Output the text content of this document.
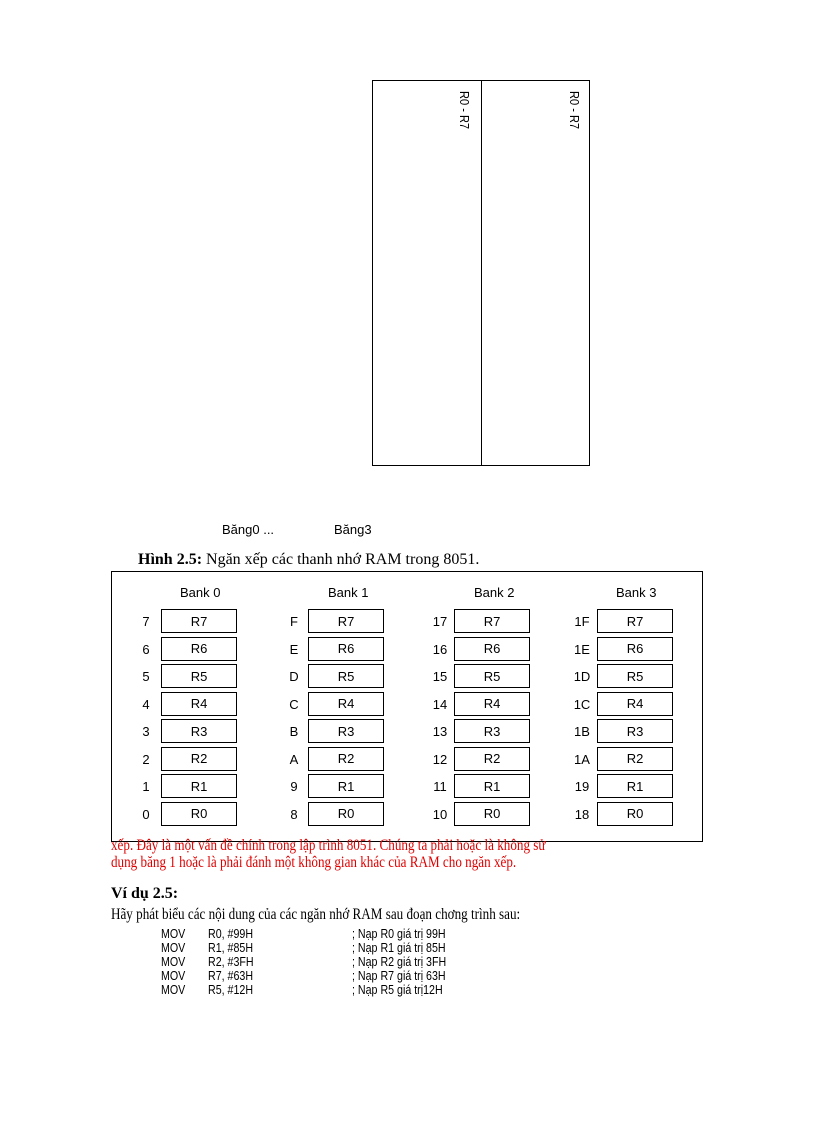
R0 - R7	R0 - R7
Băng0 ...	Băng3
Hình 2.5: Ngăn xếp các thanh nhớ RAM trong 8051.
xếp. Đây là một vấn đề chính trong lập trình 8051. Chúng ta phải hoặc là không sử
dụng băng 1 hoặc là phải đánh một không gian khác của RAM cho ngăn xếp.
Ví dụ 2.5:
Hãy phát biểu các nội dung của các ngăn nhớ RAM sau đoạn chơng trình sau:
Bank 0
7	R7
6	R6
5	R5
4	R4
3	R3
2	R2
1	R1
0	R0
Bank 1
F	R7
E	R6
D	R5
C	R4
B	R3
A	R2
9	R1
8	R0
Bank 2
17	R7
16	R6
15	R5
14	R4
13	R3
12	R2
11	R1
10	R0
Bank 3
1F	R7
1E	R6
1D	R5
1C	R4
1B	R3
1A	R2
19	R1
18	R0
MOV	R0, #99H	; Nạp R0 giá trị 99H
MOV	R1, #85H	; Nạp R1 giá trị 85H
MOV	R2, #3FH	; Nạp R2 giá trị 3FH
MOV	R7, #63H	; Nạp R7 giá trị 63H
MOV	R5, #12H	; Nạp R5 giá trị12H
